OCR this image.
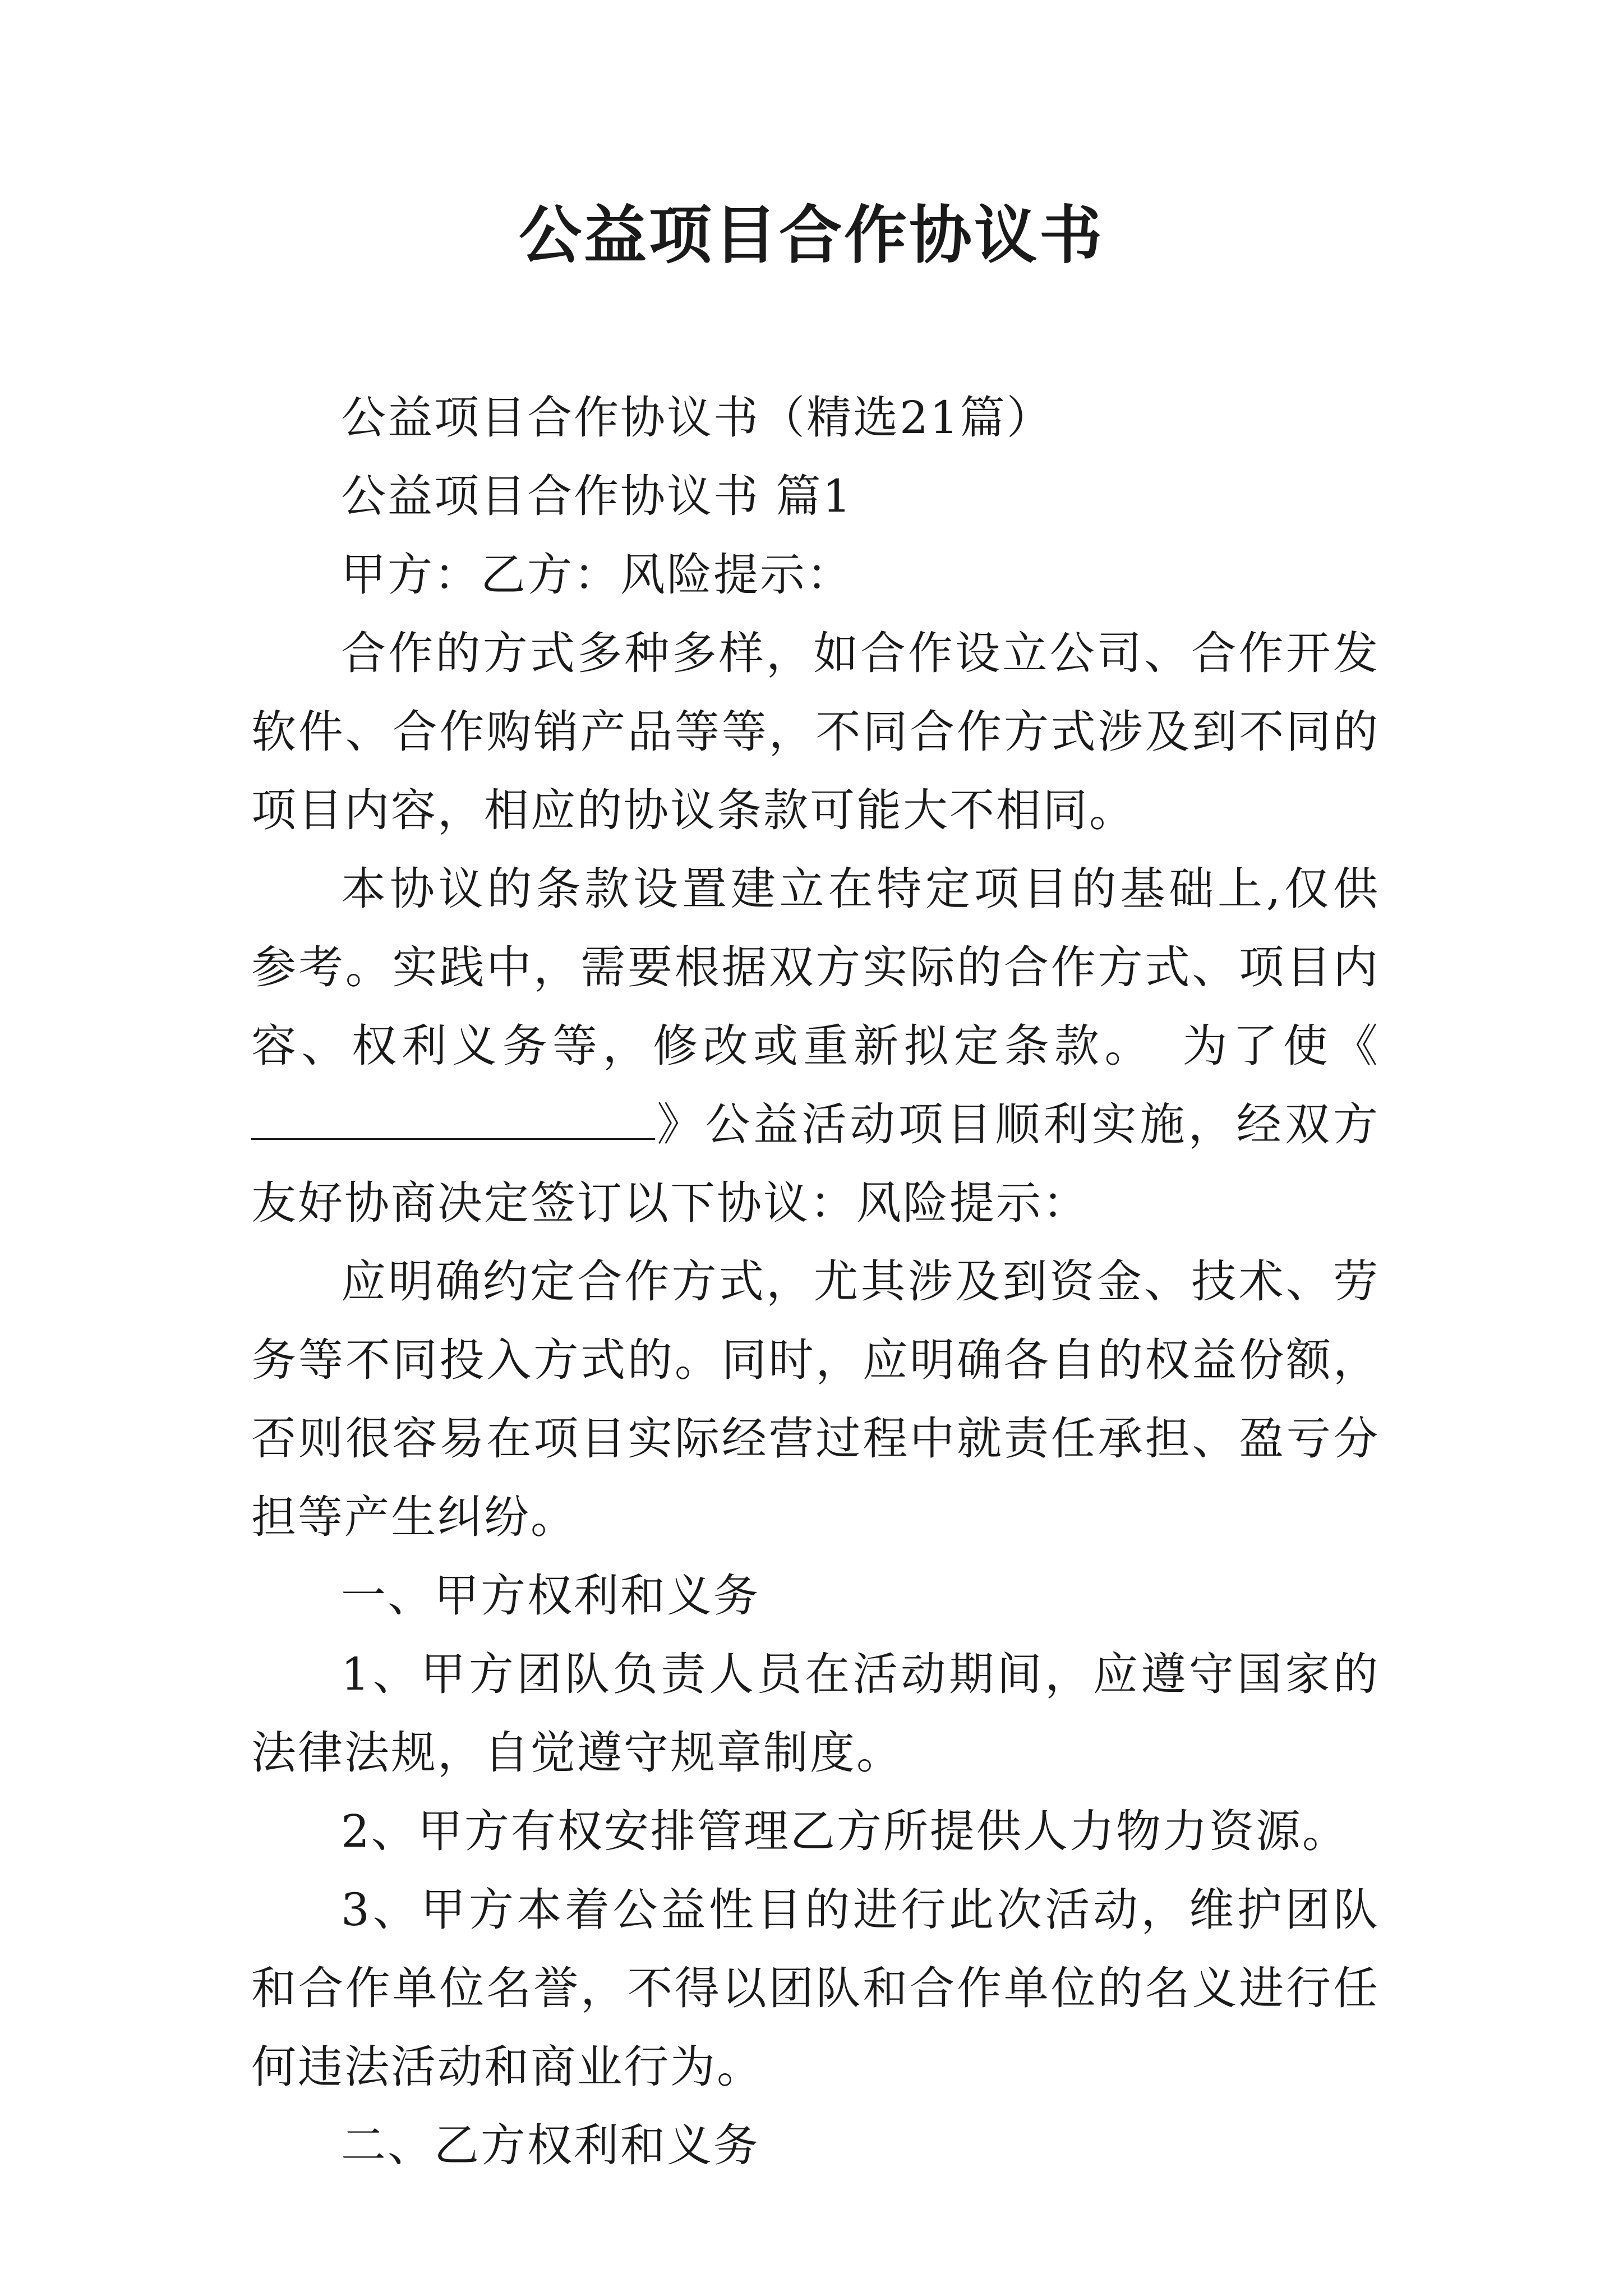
公益项目合作协议书

公益项目合作协议书（精选21篇）

公益项目合作协议书 篇1

甲方：乙方：风险提示：

合作的方式多种多样，如合作设立公司、合作开发软件、合作购销产品等等，不同合作方式涉及到不同的项目内容，相应的协议条款可能大不相同。

本协议的条款设置建立在特定项目的基础上,仅供参考。实践中，需要根据双方实际的合作方式、项目内容、权利义务等，修改或重新拟定条款。　为了使《》公益活动项目顺利实施，经双方友好协商决定签订以下协议：风险提示：

应明确约定合作方式，尤其涉及到资金、技术、劳务等不同投入方式的。同时，应明确各自的权益份额，否则很容易在项目实际经营过程中就责任承担、盈亏分担等产生纠纷。

一、甲方权利和义务

1、甲方团队负责人员在活动期间，应遵守国家的法律法规，自觉遵守规章制度。

2、甲方有权安排管理乙方所提供人力物力资源。

3、甲方本着公益性目的进行此次活动，维护团队和合作单位名誉，不得以团队和合作单位的名义进行任何违法活动和商业行为。

二、乙方权利和义务
